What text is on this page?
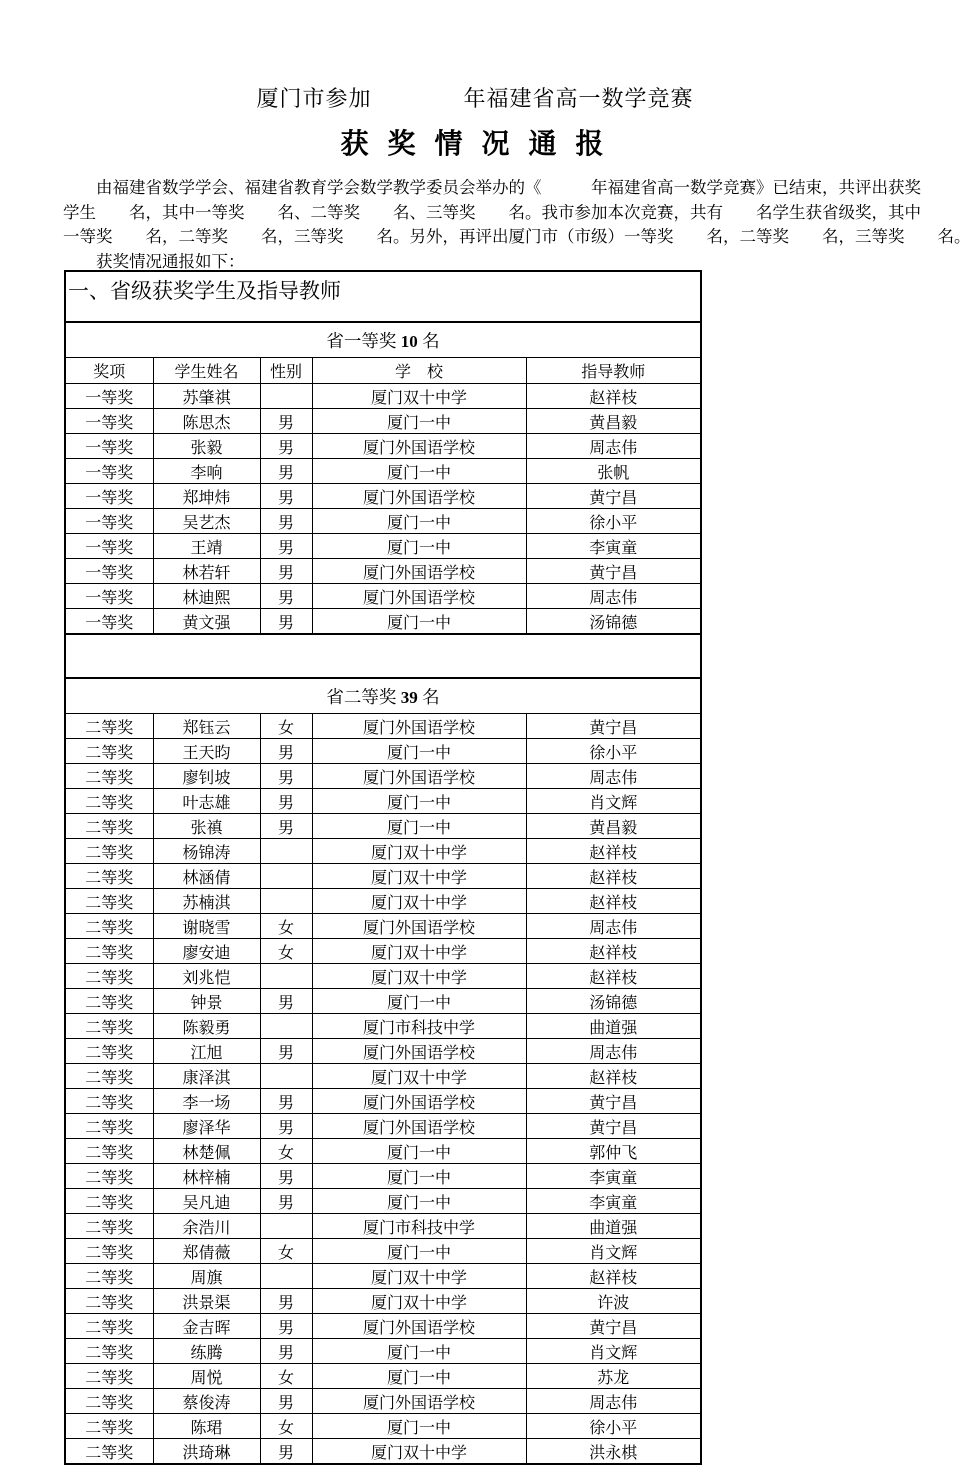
厦门市参加　　　　年福建省高一数学竞赛
获 奖 情 况 通 报
　　由福建省数学学会、福建省教育学会数学教学委员会举办的《　　　年福建省高一数学竞赛》已结束，共评出获奖
学生　　名，其中一等奖　　名、二等奖　　名、三等奖　　名。我市参加本次竞赛，共有　　名学生获省级奖，其中
一等奖　　名，二等奖　　名，三等奖　　名。另外，再评出厦门市（市级）一等奖　　名，二等奖　　名，三等奖　　名。
　　获奖情况通报如下：
一、省级获奖学生及指导教师				
省一等奖 10 名				
奖项	学生姓名	性别	学　校	指导教师
一等奖	苏肇祺		厦门双十中学	赵祥枝
一等奖	陈思杰	男	厦门一中	黄昌毅
一等奖	张毅	男	厦门外国语学校	周志伟
一等奖	李响	男	厦门一中	张帆
一等奖	郑坤炜	男	厦门外国语学校	黄宁昌
一等奖	吴艺杰	男	厦门一中	徐小平
一等奖	王靖	男	厦门一中	李寅童
一等奖	林若轩	男	厦门外国语学校	黄宁昌
一等奖	林迪熙	男	厦门外国语学校	周志伟
一等奖	黄文强	男	厦门一中	汤锦德

省二等奖 39 名				
二等奖	郑钰云	女	厦门外国语学校	黄宁昌
二等奖	王天昀	男	厦门一中	徐小平
二等奖	廖钊坡	男	厦门外国语学校	周志伟
二等奖	叶志雄	男	厦门一中	肖文辉
二等奖	张禛	男	厦门一中	黄昌毅
二等奖	杨锦涛		厦门双十中学	赵祥枝
二等奖	林涵倩		厦门双十中学	赵祥枝
二等奖	苏楠淇		厦门双十中学	赵祥枝
二等奖	谢晓雪	女	厦门外国语学校	周志伟
二等奖	廖安迪	女	厦门双十中学	赵祥枝
二等奖	刘兆恺		厦门双十中学	赵祥枝
二等奖	钟景	男	厦门一中	汤锦德
二等奖	陈毅勇		厦门市科技中学	曲道强
二等奖	江旭	男	厦门外国语学校	周志伟
二等奖	康泽淇		厦门双十中学	赵祥枝
二等奖	李一场	男	厦门外国语学校	黄宁昌
二等奖	廖泽华	男	厦门外国语学校	黄宁昌
二等奖	林楚佩	女	厦门一中	郭仲飞
二等奖	林梓楠	男	厦门一中	李寅童
二等奖	吴凡迪	男	厦门一中	李寅童
二等奖	余浩川		厦门市科技中学	曲道强
二等奖	郑倩薇	女	厦门一中	肖文辉
二等奖	周旗		厦门双十中学	赵祥枝
二等奖	洪景渠	男	厦门双十中学	许波
二等奖	金吉晖	男	厦门外国语学校	黄宁昌
二等奖	练腾	男	厦门一中	肖文辉
二等奖	周悦	女	厦门一中	苏龙
二等奖	蔡俊涛	男	厦门外国语学校	周志伟
二等奖	陈珺	女	厦门一中	徐小平
二等奖	洪琦琳	男	厦门双十中学	洪永棋
